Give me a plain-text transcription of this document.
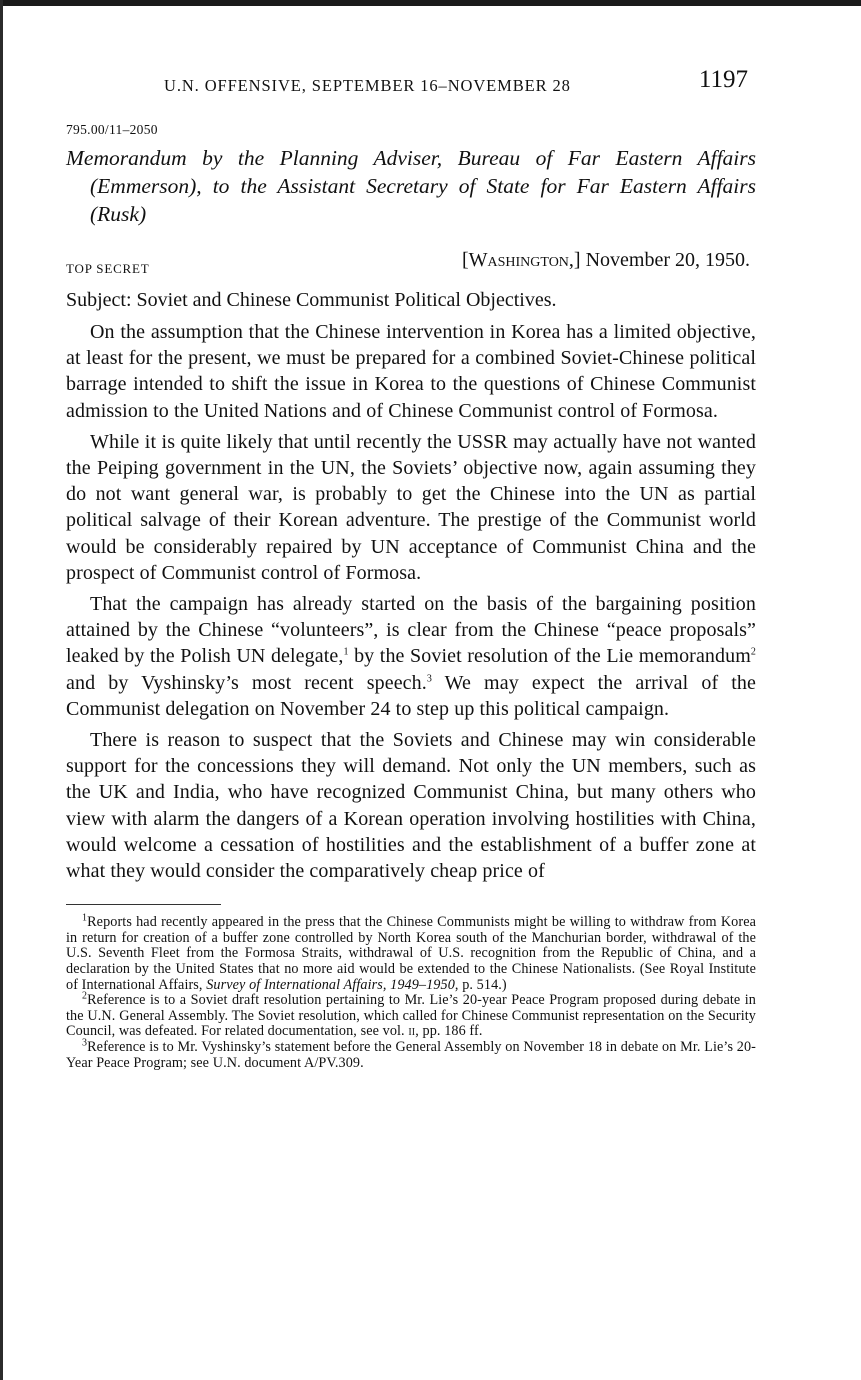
U.N. OFFENSIVE, SEPTEMBER 16–NOVEMBER 28	1197
795.00/11–2050
Memorandum by the Planning Adviser, Bureau of Far Eastern Affairs (Emmerson), to the Assistant Secretary of State for Far Eastern Affairs (Rusk)
TOP SECRET	[Washington,] November 20, 1950.
Subject: Soviet and Chinese Communist Political Objectives.

On the assumption that the Chinese intervention in Korea has a limited objective, at least for the present, we must be prepared for a combined Soviet-Chinese political barrage intended to shift the issue in Korea to the questions of Chinese Communist admission to the United Nations and of Chinese Communist control of Formosa.

While it is quite likely that until recently the USSR may actually have not wanted the Peiping government in the UN, the Soviets’ objective now, again assuming they do not want general war, is probably to get the Chinese into the UN as partial political salvage of their Korean adventure. The prestige of the Communist world would be considerably repaired by UN acceptance of Communist China and the prospect of Communist control of Formosa.

That the campaign has already started on the basis of the bargaining position attained by the Chinese “volunteers”, is clear from the Chinese “peace proposals” leaked by the Polish UN delegate,$^1$ by the Soviet resolution of the Lie memorandum$^2$ and by Vyshinsky’s most recent speech.$^3$ We may expect the arrival of the Communist delegation on November 24 to step up this political campaign.

There is reason to suspect that the Soviets and Chinese may win considerable support for the concessions they will demand. Not only the UN members, such as the UK and India, who have recognized Communist China, but many others who view with alarm the dangers of a Korean operation involving hostilities with China, would welcome a cessation of hostilities and the establishment of a buffer zone at what they would consider the comparatively cheap price of

$^1$Reports had recently appeared in the press that the Chinese Communists might be willing to withdraw from Korea in return for creation of a buffer zone controlled by North Korea south of the Manchurian border, withdrawal of the U.S. Seventh Fleet from the Formosa Straits, withdrawal of U.S. recognition from the Republic of China, and a declaration by the United States that no more aid would be extended to the Chinese Nationalists. (See Royal Institute of International Affairs, Survey of International Affairs, 1949–1950, p. 514.)

$^2$Reference is to a Soviet draft resolution pertaining to Mr. Lie’s 20-year Peace Program proposed during debate in the U.N. General Assembly. The Soviet resolution, which called for Chinese Communist representation on the Security Council, was defeated. For related documentation, see vol. ii, pp. 186 ff.

$^3$Reference is to Mr. Vyshinsky’s statement before the General Assembly on November 18 in debate on Mr. Lie’s 20-Year Peace Program; see U.N. document A/PV.309.
